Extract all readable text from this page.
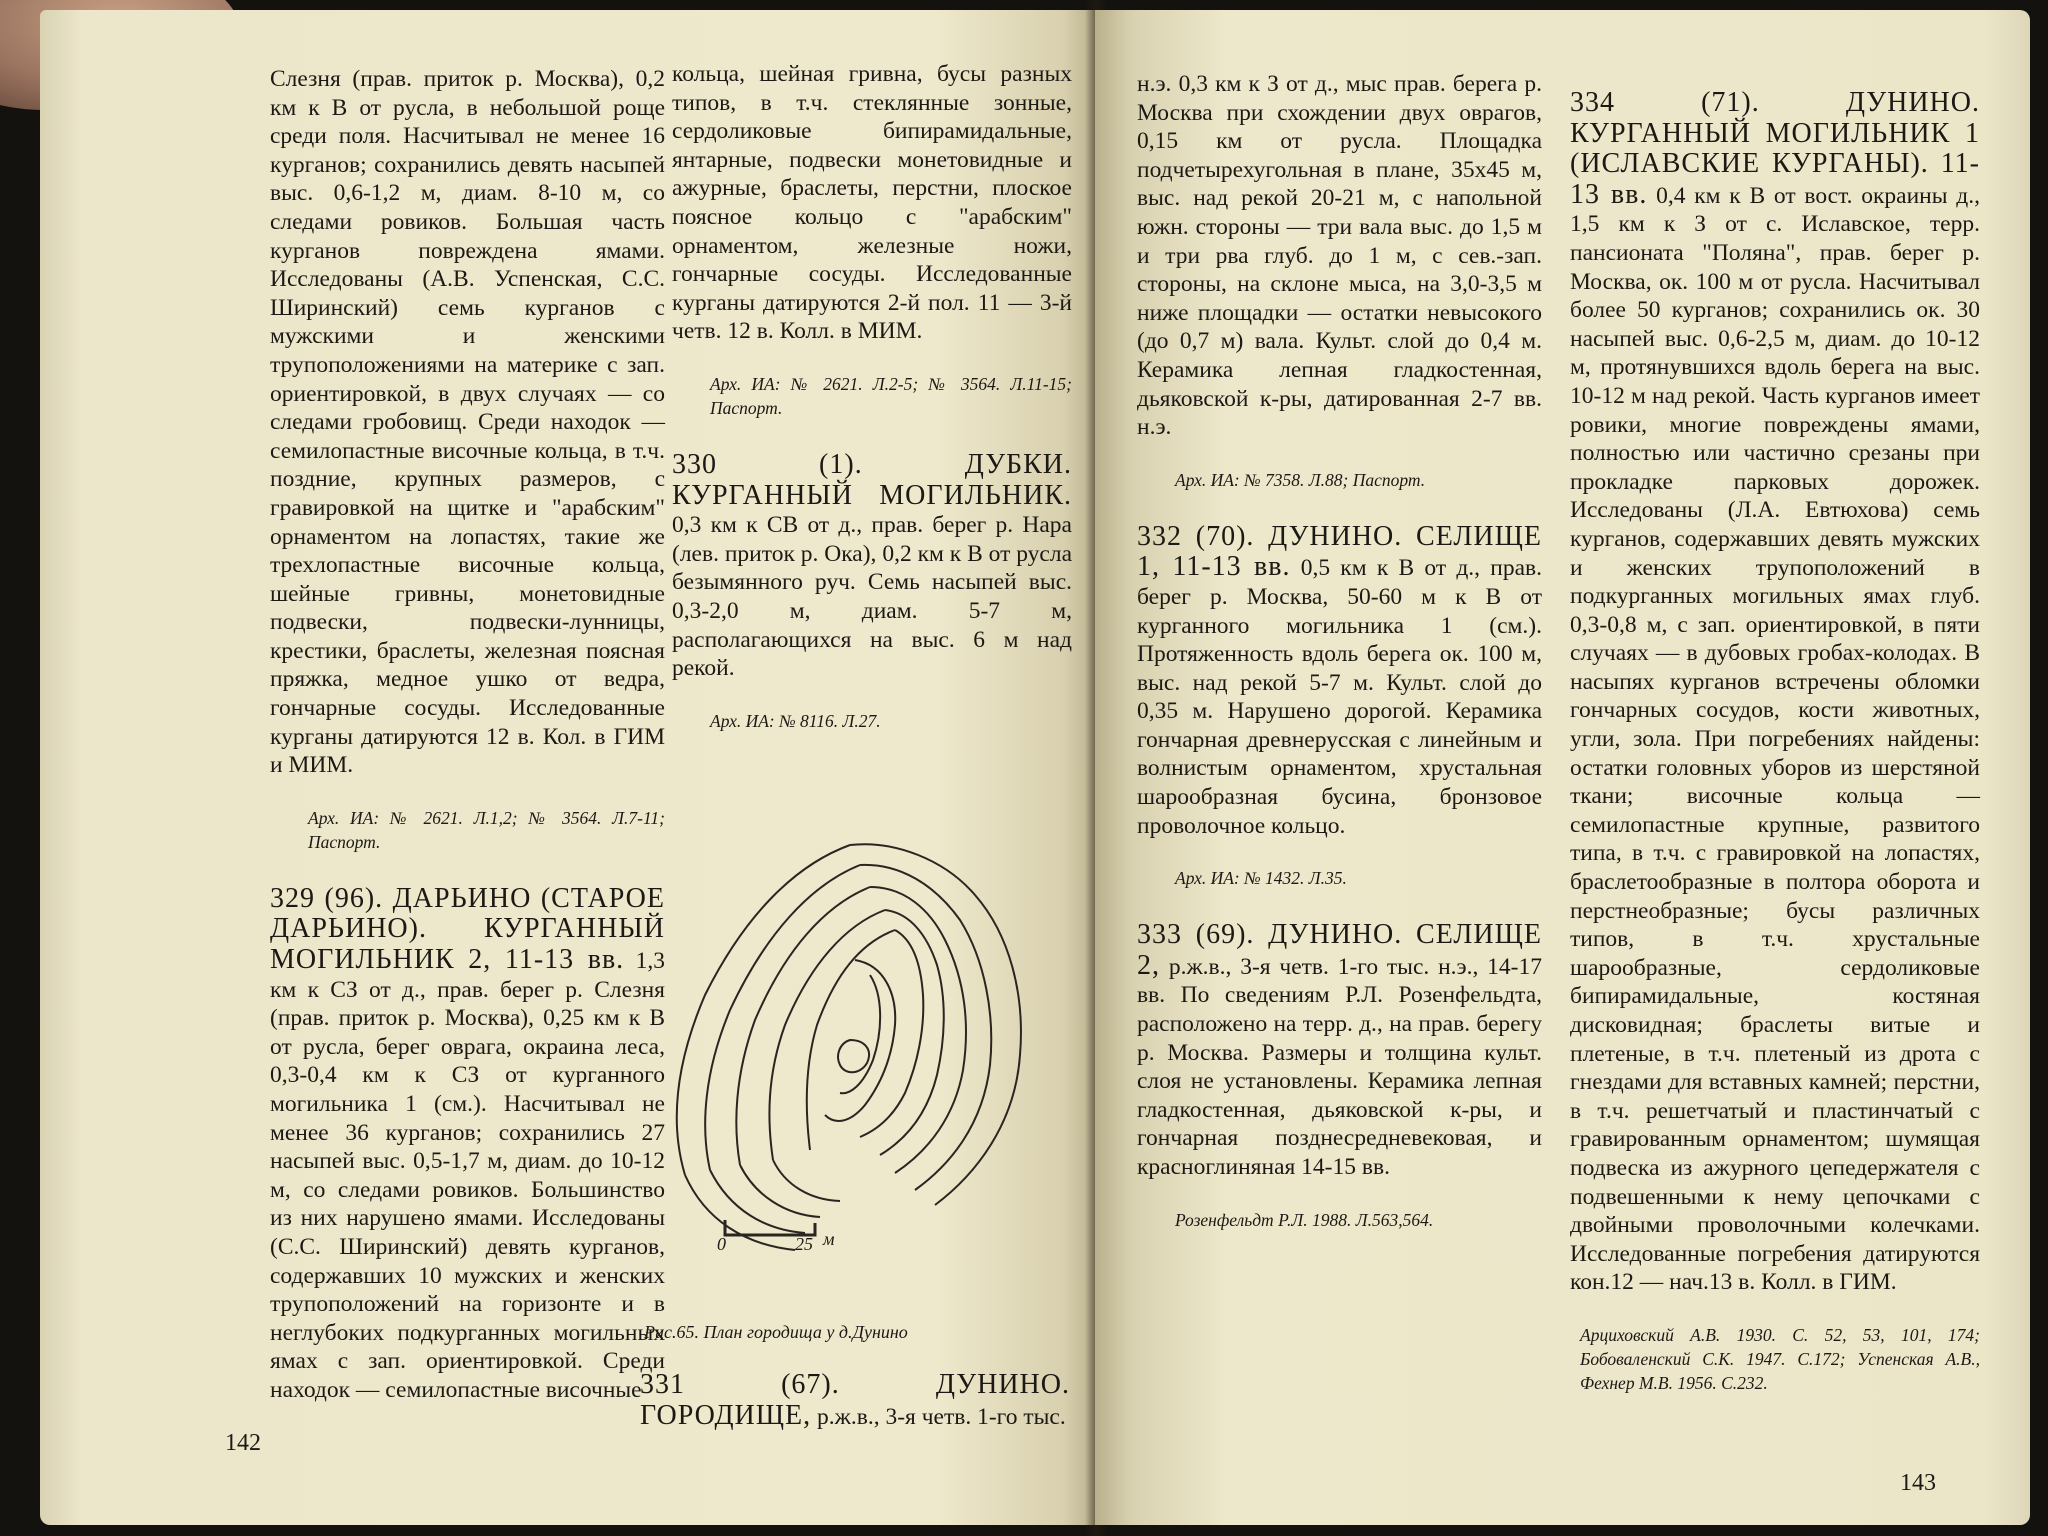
Слезня (прав. приток р. Москва), 0,2 км к В от русла, в небольшой роще среди поля. Насчитывал не менее 16 курганов; сохранились девять насыпей выс. 0,6-1,2 м, диам. 8-10 м, со следами ровиков. Большая часть курганов повреждена ямами. Исследованы (А.В. Успенская, С.С. Ширинский) семь курганов с мужскими и женскими трупоположениями на материке с зап. ориентировкой, в двух случаях — со следами гробовищ. Среди находок — семилопастные височные кольца, в т.ч. поздние, крупных размеров, с гравировкой на щитке и "арабским" орнаментом на лопастях, такие же трехлопастные височные кольца, шейные гривны, монетовидные подвески, подвески-лунницы, крестики, браслеты, железная поясная пряжка, медное ушко от ведра, гончарные сосуды. Исследованные курганы датируются 12 в. Кол. в ГИМ и МИМ.

Арх. ИА: № 2621. Л.1,2; № 3564. Л.7-11; Паспорт.

329 (96). ДАРЬИНО (СТАРОЕ ДАРЬИНО). КУРГАННЫЙ МОГИЛЬНИК 2, 11-13 вв. 1,3 км к СЗ от д., прав. берег р. Слезня (прав. приток р. Москва), 0,25 км к В от русла, берег оврага, окраина леса, 0,3-0,4 км к СЗ от курганного могильника 1 (см.). Насчитывал не менее 36 курганов; сохранились 27 насыпей выс. 0,5-1,7 м, диам. до 10-12 м, со следами ровиков. Большинство из них нарушено ямами. Исследованы (С.С. Ширинский) девять курганов, содержавших 10 мужских и женских трупоположений на горизонте и в неглубоких подкурганных могильных ямах с зап. ориентировкой. Среди находок — семилопастные височные

кольца, шейная гривна, бусы разных типов, в т.ч. стеклянные зонные, сердоликовые бипирамидальные, янтарные, подвески монетовидные и ажурные, браслеты, перстни, плоское поясное кольцо с "арабским" орнаментом, железные ножи, гончарные сосуды. Исследованные курганы датируются 2-й пол. 11 — 3-й четв. 12 в. Колл. в МИМ.

Арх. ИА: № 2621. Л.2-5; № 3564. Л.11-15; Паспорт.

330 (1). ДУБКИ. КУРГАННЫЙ МОГИЛЬНИК. 0,3 км к СВ от д., прав. берег р. Нара (лев. приток р. Ока), 0,2 км к В от русла безымянного руч. Семь насыпей выс. 0,3-2,0 м, диам. 5-7 м, располагающихся на выс. 6 м над рекой.

Арх. ИА: № 8116. Л.27.

0	25 м
Рис.65. План городища у д.Дунино

331 (67). ДУНИНО. ГОРОДИЩЕ, р.ж.в., 3-я четв. 1-го тыс.

142

н.э. 0,3 км к З от д., мыс прав. берега р. Москва при схождении двух оврагов, 0,15 км от русла. Площадка подчетырехугольная в плане, 35х45 м, выс. над рекой 20-21 м, с напольной южн. стороны — три вала выс. до 1,5 м и три рва глуб. до 1 м, с сев.-зап. стороны, на склоне мыса, на 3,0-3,5 м ниже площадки — остатки невысокого (до 0,7 м) вала. Культ. слой до 0,4 м. Керамика лепная гладкостенная, дьяковской к-ры, датированная 2-7 вв. н.э.

Арх. ИА: № 7358. Л.88; Паспорт.

332 (70). ДУНИНО. СЕЛИЩЕ 1, 11-13 вв. 0,5 км к В от д., прав. берег р. Москва, 50-60 м к В от курганного могильника 1 (см.). Протяженность вдоль берега ок. 100 м, выс. над рекой 5-7 м. Культ. слой до 0,35 м. Нарушено дорогой. Керамика гончарная древнерусская с линейным и волнистым орнаментом, хрустальная шарообразная бусина, бронзовое проволочное кольцо.

Арх. ИА: № 1432. Л.35.

333 (69). ДУНИНО. СЕЛИЩЕ 2, р.ж.в., 3-я четв. 1-го тыс. н.э., 14-17 вв. По сведениям Р.Л. Розенфельдта, расположено на терр. д., на прав. берегу р. Москва. Размеры и толщина культ. слоя не установлены. Керамика лепная гладкостенная, дьяковской к-ры, и гончарная позднесредневековая, и красноглиняная 14-15 вв.

Розенфельдт Р.Л. 1988. Л.563,564.

334 (71). ДУНИНО. КУРГАННЫЙ МОГИЛЬНИК 1 (ИСЛАВСКИЕ КУРГАНЫ). 11-13 вв. 0,4 км к В от вост. окраины д., 1,5 км к З от с. Иславское, терр. пансионата "Поляна", прав. берег р. Москва, ок. 100 м от русла. Насчитывал более 50 курганов; сохранились ок. 30 насыпей выс. 0,6-2,5 м, диам. до 10-12 м, протянувшихся вдоль берега на выс. 10-12 м над рекой. Часть курганов имеет ровики, многие повреждены ямами, полностью или частично срезаны при прокладке парковых дорожек. Исследованы (Л.А. Евтюхова) семь курганов, содержавших девять мужских и женских трупоположений в подкурганных могильных ямах глуб. 0,3-0,8 м, с зап. ориентировкой, в пяти случаях — в дубовых гробах-колодах. В насыпях курганов встречены обломки гончарных сосудов, кости животных, угли, зола. При погребениях найдены: остатки головных уборов из шерстяной ткани; височные кольца — семилопастные крупные, развитого типа, в т.ч. с гравировкой на лопастях, браслетообразные в полтора оборота и перстнеобразные; бусы различных типов, в т.ч. хрустальные шарообразные, сердоликовые бипирамидальные, костяная дисковидная; браслеты витые и плетеные, в т.ч. плетеный из дрота с гнездами для вставных камней; перстни, в т.ч. решетчатый и пластинчатый с гравированным орнаментом; шумящая подвеска из ажурного цепедержателя с подвешенными к нему цепочками с двойными проволочными колечками. Исследованные погребения датируются кон.12 — нач.13 в. Колл. в ГИМ.

Арциховский А.В. 1930. С. 52, 53, 101, 174; Бобоваленский С.К. 1947. С.172; Успенская А.В., Фехнер М.В. 1956. С.232.

143
